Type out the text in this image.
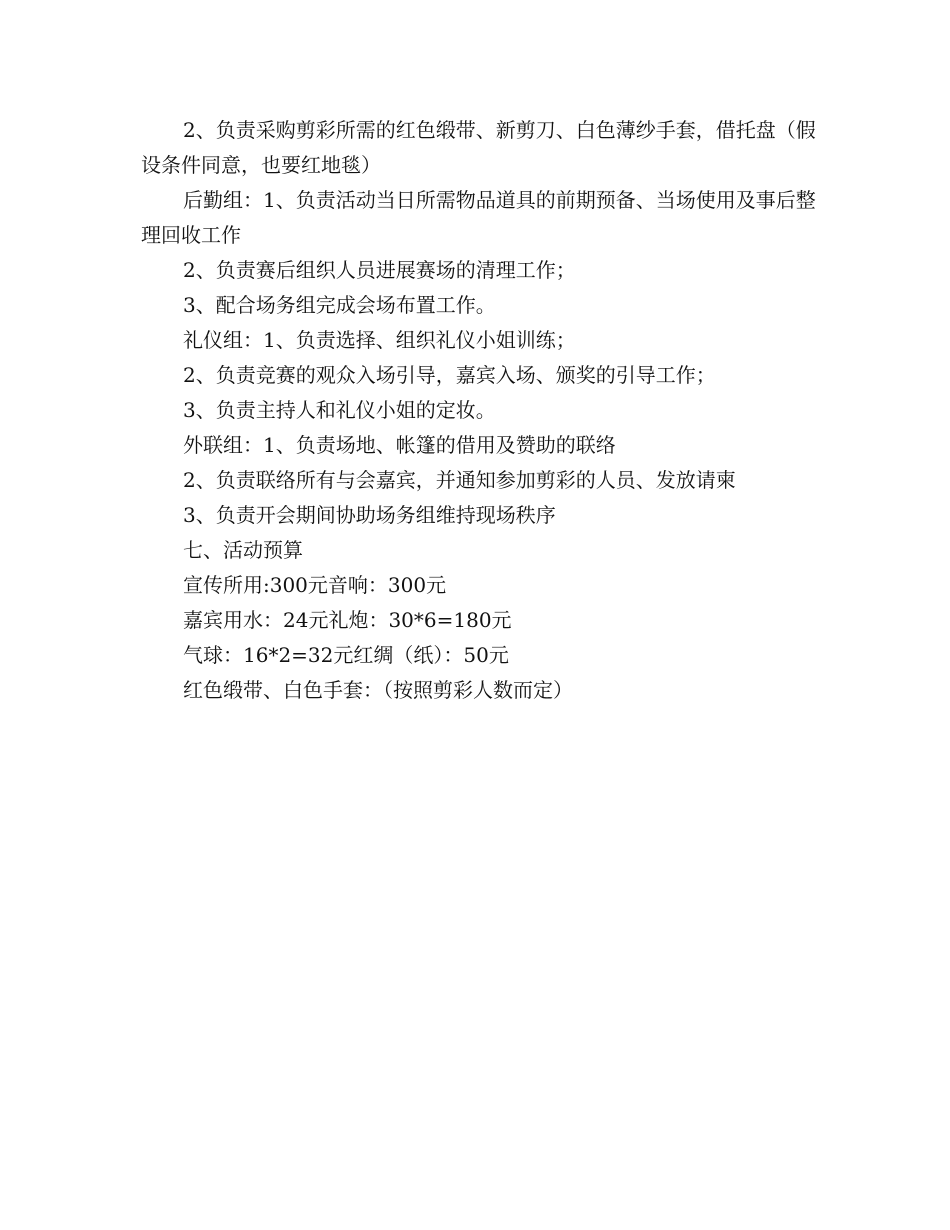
2、负责采购剪彩所需的红色缎带、新剪刀、白色薄纱手套，借托盘（假设条件同意，也要红地毯）

后勤组：1、负责活动当日所需物品道具的前期预备、当场使用及事后整理回收工作

2、负责赛后组织人员进展赛场的清理工作；

3、配合场务组完成会场布置工作。

礼仪组：1、负责选择、组织礼仪小姐训练；

2、负责竞赛的观众入场引导，嘉宾入场、颁奖的引导工作；

3、负责主持人和礼仪小姐的定妆。

外联组：1、负责场地、帐篷的借用及赞助的联络

2、负责联络所有与会嘉宾，并通知参加剪彩的人员、发放请柬

3、负责开会期间协助场务组维持现场秩序

七、活动预算

宣传所用:300元音响：300元

嘉宾用水：24元礼炮：30*6=180元

气球：16*2=32元红绸（纸）：50元

红色缎带、白色手套：（按照剪彩人数而定）
